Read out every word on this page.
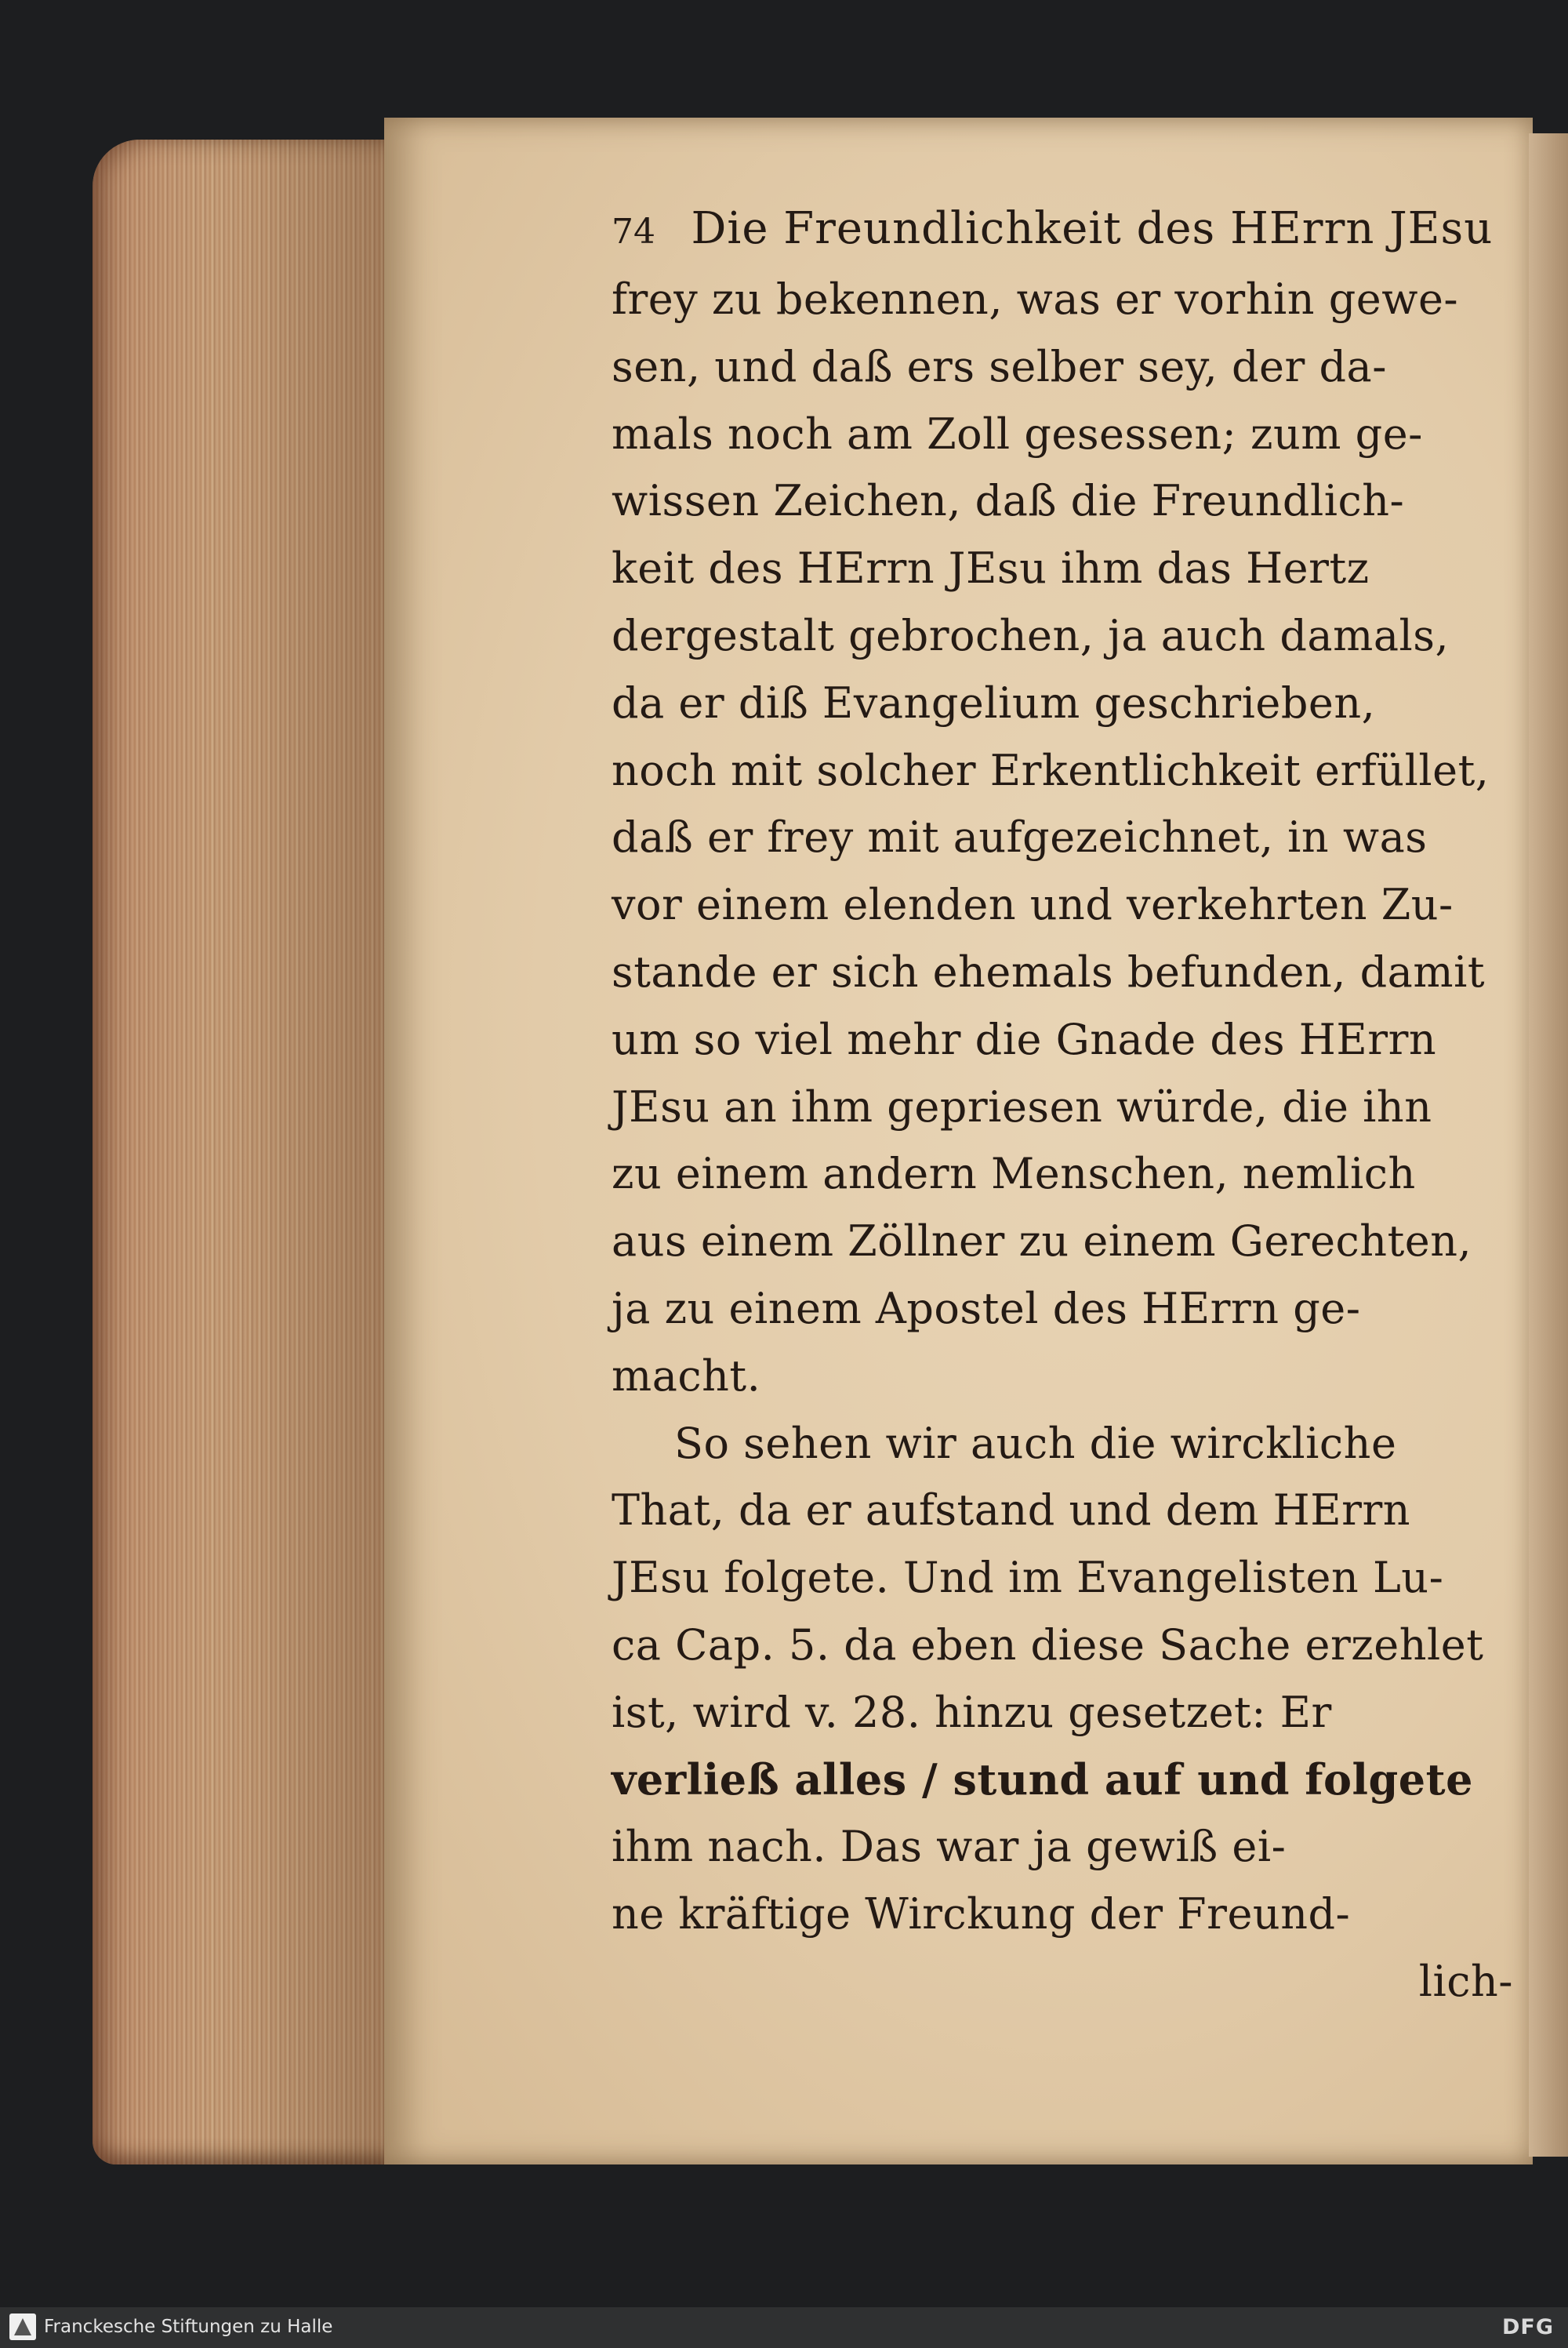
74 Die Freundlichkeit des HErrn JEsu
frey zu bekennen, was er vorhin gewe-
sen, und daß ers selber sey, der da-
mals noch am Zoll gesessen; zum ge-
wissen Zeichen, daß die Freundlich-
keit des HErrn JEsu ihm das Hertz
dergestalt gebrochen, ja auch damals,
da er diß Evangelium geschrieben,
noch mit solcher Erkentlichkeit erfüllet,
daß er frey mit aufgezeichnet, in was
vor einem elenden und verkehrten Zu-
stande er sich ehemals befunden, damit
um so viel mehr die Gnade des HErrn
JEsu an ihm gepriesen würde, die ihn
zu einem andern Menschen, nemlich
aus einem Zöllner zu einem Gerechten,
ja zu einem Apostel des HErrn ge-
macht.
So sehen wir auch die wirckliche
That, da er aufstand und dem HErrn
JEsu folgete. Und im Evangelisten Lu-
ca Cap. 5. da eben diese Sache erzehlet
ist, wird v. 28. hinzu gesetzet: Er
verließ alles / stund auf und folgete
ihm nach. Das war ja gewiß ei-
ne kräftige Wirckung der Freund-
lich-
Franckesche Stiftungen zu Halle	DFG
